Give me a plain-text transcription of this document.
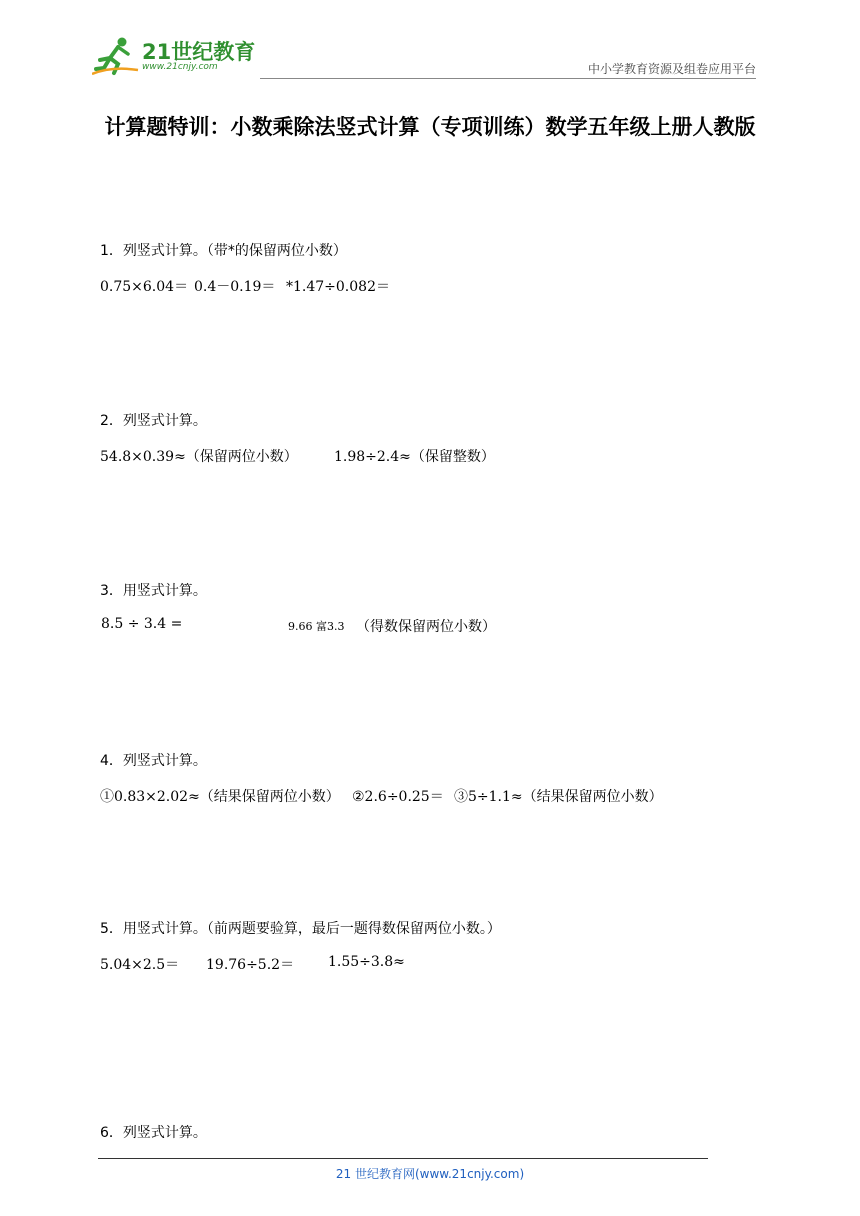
21世纪教育
www.21cnjy.com	中小学教育资源及组卷应用平台
计算题特训：小数乘除法竖式计算（专项训练）数学五年级上册人教版
1．列竖式计算。（带*的保留两位小数）
0.75×6.04＝ 0.4－0.19＝ *1.47÷0.082＝
2．列竖式计算。
54.8×0.39≈（保留两位小数）	1.98÷2.4≈（保留整数）
3．用竖式计算。
8.5 ÷ 3.4 =	9.66 富3.3 （得数保留两位小数）
4．列竖式计算。
①0.83×2.02≈（结果保留两位小数） ②2.6÷0.25＝ ③5÷1.1≈（结果保留两位小数）
5．用竖式计算。（前两题要验算，最后一题得数保留两位小数。）
5.04×2.5＝ 19.76÷5.2＝ 1.55÷3.8≈
6．列竖式计算。
21 世纪教育网(www.21cnjy.com)
